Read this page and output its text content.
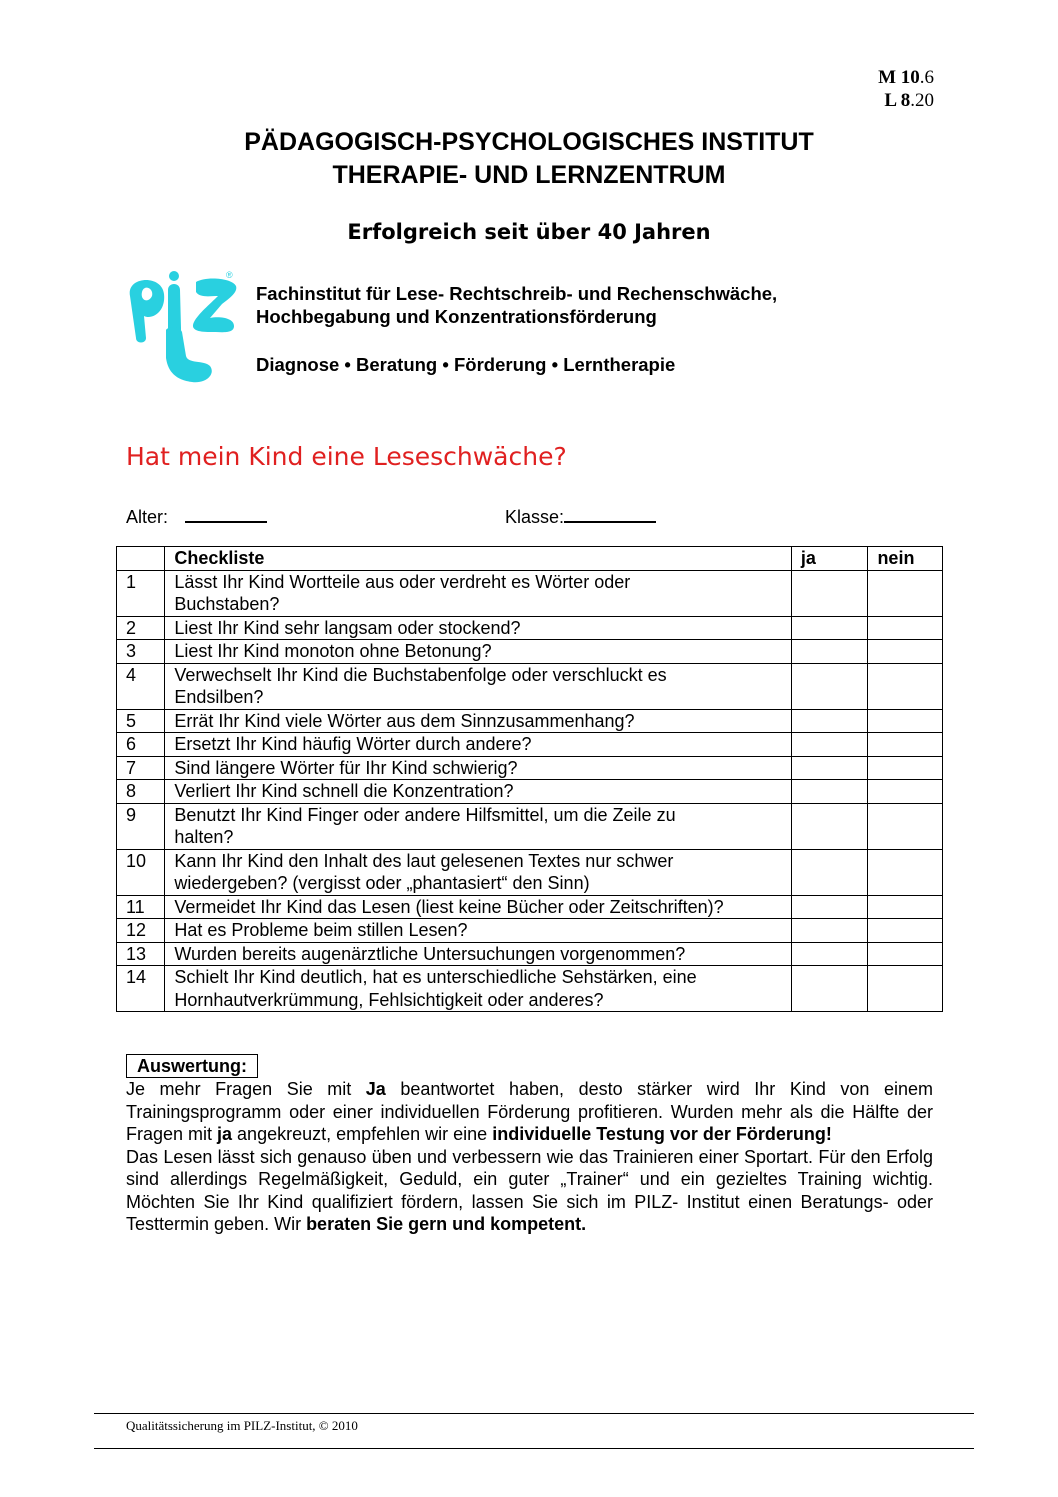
M 10.6
L 8.20
PÄDAGOGISCH-PSYCHOLOGISCHES INSTITUT
THERAPIE- UND LERNZENTRUM
Erfolgreich seit über 40 Jahren
®
Fachinstitut für Lese- Rechtschreib- und Rechenschwäche,
Hochbegabung und Konzentrationsförderung
Diagnose • Beratung • Förderung • Lerntherapie
Hat mein Kind eine Leseschwäche?
Alter:	Klasse:
	Checkliste	ja	nein
1	Lässt Ihr Kind Wortteile aus oder verdreht es Wörter oder
Buchstaben?		

2	Liest Ihr Kind sehr langsam oder stockend?		

3	Liest Ihr Kind monoton ohne Betonung?		

4	Verwechselt Ihr Kind die Buchstabenfolge oder verschluckt es
Endsilben?		

5	Errät Ihr Kind viele Wörter aus dem Sinnzusammenhang?		

6	Ersetzt Ihr Kind häufig Wörter durch andere?		

7	Sind längere Wörter für Ihr Kind schwierig?		

8	Verliert Ihr Kind schnell die Konzentration?		

9	Benutzt Ihr Kind Finger oder andere Hilfsmittel, um die Zeile zu
halten?		

10	Kann Ihr Kind den Inhalt des laut gelesenen Textes nur schwer
wiedergeben? (vergisst oder „phantasiert“ den Sinn)		

11	Vermeidet Ihr Kind das Lesen (liest keine Bücher oder Zeitschriften)?		

12	Hat es Probleme beim stillen Lesen?		

13	Wurden bereits augenärztliche Untersuchungen vorgenommen?		

14	Schielt Ihr Kind deutlich, hat es unterschiedliche Sehstärken, eine
Hornhautverkrümmung, Fehlsichtigkeit oder anderes?		

Auswertung:

Je mehr Fragen Sie mit Ja beantwortet haben, desto stärker wird Ihr Kind von einem Trainingsprogramm oder einer individuellen Förderung profitieren. Wurden mehr als die Hälfte der Fragen mit ja angekreuzt, empfehlen wir eine individuelle Testung vor der Förderung!

Das Lesen lässt sich genauso üben und verbessern wie das Trainieren einer Sportart. Für den Erfolg sind allerdings Regelmäßigkeit, Geduld, ein guter „Trainer“ und ein gezieltes Training wichtig. Möchten Sie Ihr Kind qualifiziert fördern, lassen Sie sich im PILZ- Institut einen Beratungs- oder Testtermin geben. Wir beraten Sie gern und kompetent.

Qualitätssicherung im PILZ-Institut, © 2010
